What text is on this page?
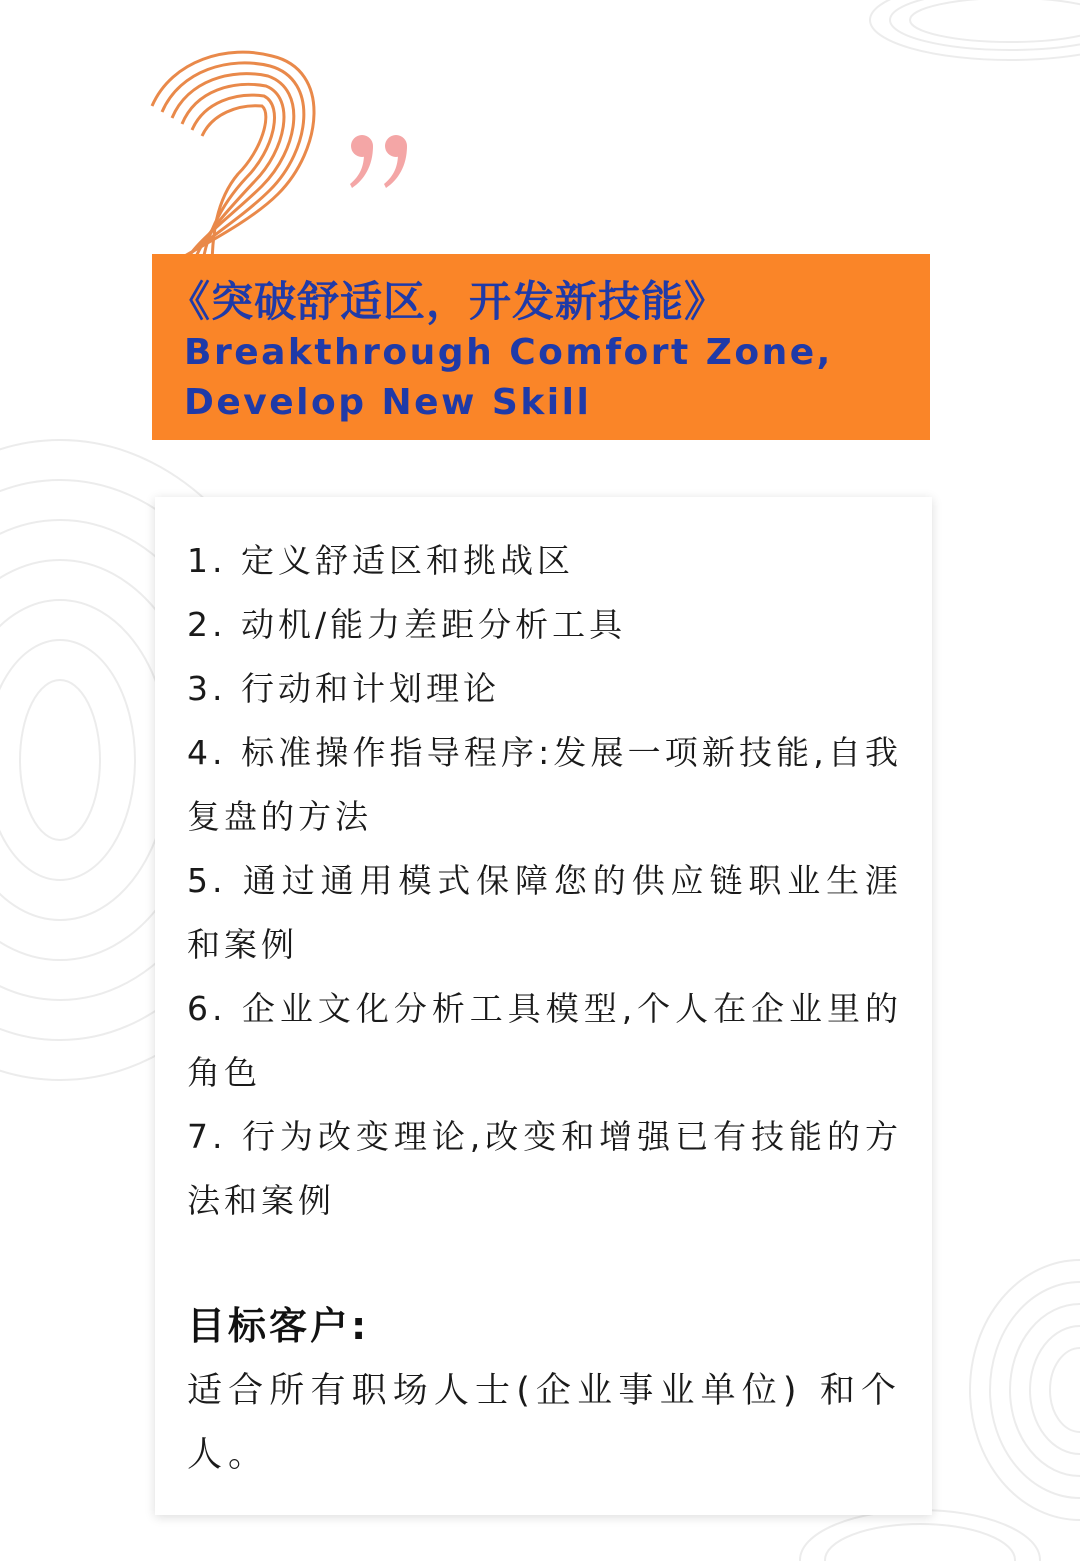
《突破舒适区，开发新技能》
Breakthrough Comfort Zone,
Develop New Skill
1. 定义舒适区和挑战区
2. 动机/能力差距分析工具
3. 行动和计划理论
4. 标准操作指导程序:发展一项新技能,自我复盘的方法
5. 通过通用模式保障您的供应链职业生涯和案例
6. 企业文化分析工具模型,个人在企业里的角色
7. 行为改变理论,改变和增强已有技能的方法和案例
目标客户:
适合所有职场人士(企业事业单位) 和个人。
